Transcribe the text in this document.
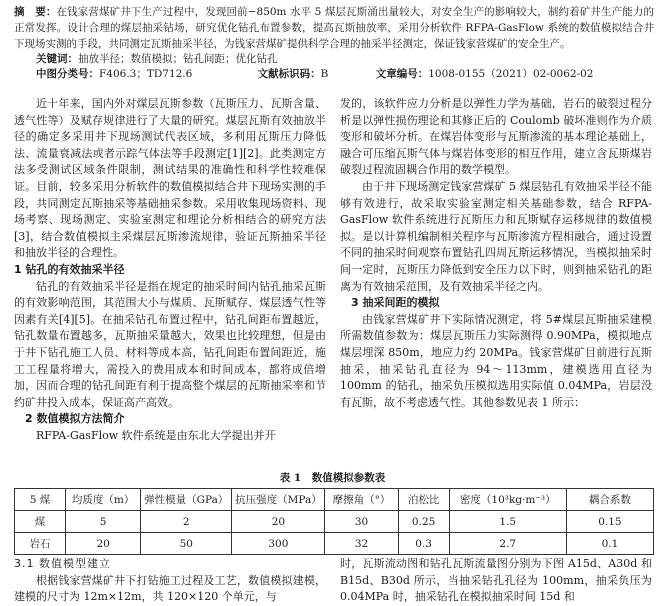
摘　要：在钱家营煤矿井下生产过程中，发现回前−850m 水平 5 煤层瓦斯涌出量较大，对安全生产的影响较大，制约着矿井生产能力的正常发挥。设计合理的煤层抽采钻场，研究优化钻孔布置参数，提高瓦斯抽放率，采用分析软件 RFPA-GasFlow 系统的数值模拟结合井下现场实测的手段，共同测定瓦斯抽采半径，为钱家营煤矿提供科学合理的抽采半径测定，保证钱家营煤矿的安全生产。
关键词：抽放半径；数值模拟；钻孔间距；优化钻孔
中图分类号：F406.3；TD712.6	文献标识码：B	文章编号：1008-0155（2021）02-0062-02

近十年来，国内外对煤层瓦斯参数（瓦斯压力、瓦斯含量、透气性等）及赋存规律进行了大量的研究。煤层瓦斯有效抽放半径的确定多采用井下现场测试代表区域，多利用瓦斯压力降低法、流量衰减法或者示踪气体法等手段测定[1][2]。此类测定方法多受测试区域条件限制，测试结果的准确性和科学性较难保证。目前，较多采用分析软件的数值模拟结合井下现场实测的手段，共同测定瓦斯抽采等基础抽采参数。采用收集现场资料、现场考察、现场测定、实验室测定和理论分析相结合的研究方法[3]，结合数值模拟主采煤层瓦斯渗流规律，验证瓦斯抽采半径和抽放半径的合理性。

1 钻孔的有效抽采半径

钻孔的有效抽采半径是指在规定的抽采时间内钻孔抽采瓦斯的有效影响范围，其范围大小与煤质、瓦斯赋存、煤层透气性等因素有关[4][5]。在抽采钻孔布置过程中，钻孔间距布置越近，钻孔数量布置越多，瓦斯抽采量越大，效果也比较理想，但是由于井下钻孔施工人员、材料等成本高，钻孔间距布置间距近，施工工程量将增大，需投入的费用成本和时间成本，都将成倍增加，因而合理的钻孔间距有利于提高整个煤层的瓦斯抽采率和节约矿井投入成本，保证高产高效。

2 数值模拟方法简介

RFPA-GasFlow 软件系统是由东北大学提出并开

发的，该软件应力分析是以弹性力学为基础，岩石的破裂过程分析是以弹性损伤理论和其修正后的 Coulomb 破坏准则作为介质变形和破坏分析。在煤岩体变形与瓦斯渗流的基本理论基础上，融合可压缩瓦斯气体与煤岩体变形的相互作用，建立含瓦斯煤岩破裂过程流固耦合作用的数学模型。

由于井下现场测定钱家营煤矿 5 煤层钻孔有效抽采半径不能够有效进行，故采取实验室测定相关基础参数，结合 RFPA-GasFlow 软件系统进行瓦斯压力和瓦斯赋存运移规律的数值模拟。是以计算机编制相关程序与瓦斯渗流方程相融合，通过设置不同的抽采时间观察布置钻孔四周瓦斯运移情况，当模拟抽采时间一定时，瓦斯压力降低到安全压力以下时，则到抽采钻孔的距离为有效抽采范围，及有效抽采半径之内。

3 抽采间距的模拟

由钱家营煤矿井下实际情况测定，将 5#煤层瓦斯抽采建模所需数值参数为：煤层瓦斯压力实际测得 0.90MPa，模拟地点煤层埋深 850m，地应力约 20MPa。钱家营煤矿目前进行瓦斯抽采，抽采钻孔直径为 94～113mm，建模选用直径为 100mm 的钻孔，抽采负压模拟选用实际值 0.04MPa，岩层没有瓦斯，故不考虑透气性。其他参数见表 1 所示：

表 1　数值模拟参数表
5 煤	均质度（m）	弹性模量（GPa）	抗压强度（MPa）	摩擦角（°）	泊松比	密度（10³kg·m⁻³）	耦合系数
煤	5	2	20	30	0.25	1.5	0.15
岩石	20	50	300	32	0.3	2.7	0.1

3.1 数值模型建立

根据钱家营煤矿井下打钻施工过程及工艺，数值模拟建模，建模的尺寸为 12m×12m，共 120×120 个单元，与

时，瓦斯流动图和钻孔瓦斯流量图分别为下图 A15d、A30d 和 B15d、B30d 所示，当抽采钻孔孔径为 100mm，抽采负压为 0.04MPa 时，抽采钻孔在模拟抽采时间 15d 和
